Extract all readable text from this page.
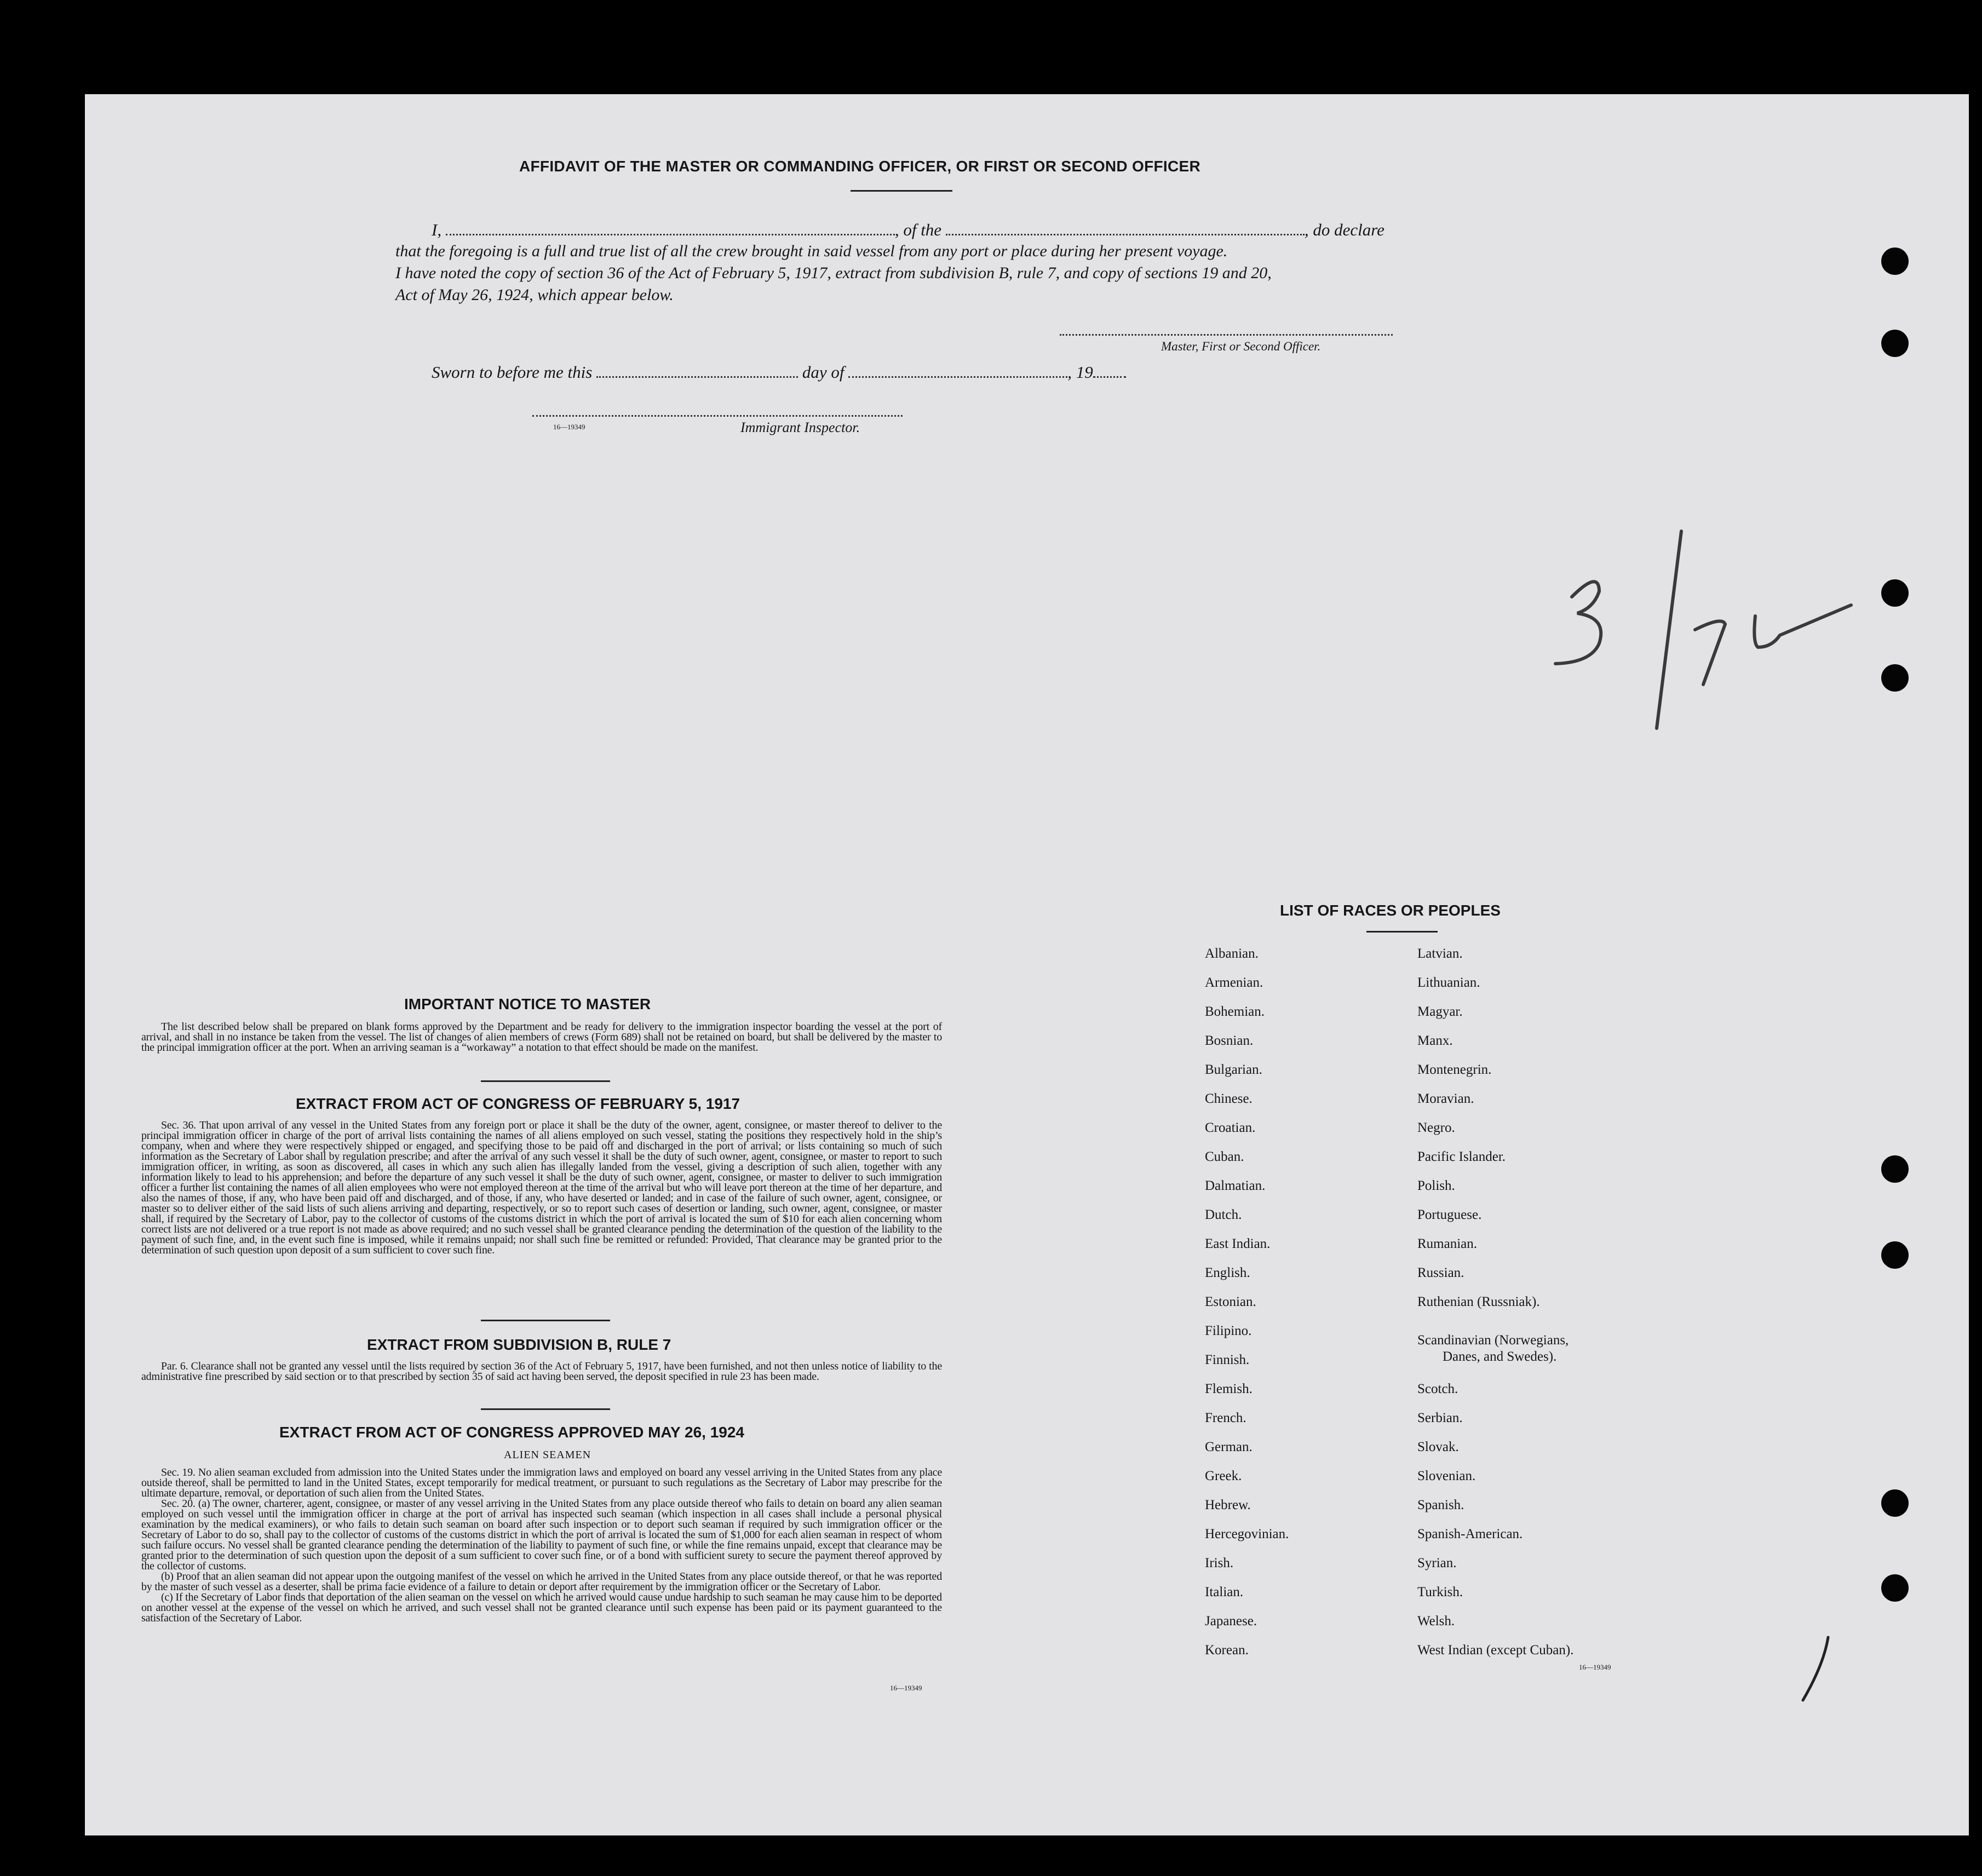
AFFIDAVIT OF THE MASTER OR COMMANDING OFFICER, OR FIRST OR SECOND OFFICER
I,	, of the	, do declare
that the foregoing is a full and true list of all the crew brought in said vessel from any port or place during her present voyage.
I have noted the copy of section 36 of the Act of February 5, 1917, extract from subdivision B, rule 7, and copy of sections 19 and 20,
Act of May 26, 1924, which appear below.
Master, First or Second Officer.
Sworn to before me this	day of	, 19
16—19349	Immigrant Inspector.
IMPORTANT NOTICE TO MASTER

The list described below shall be prepared on blank forms approved by the Department and be ready for delivery to the immigration inspector boarding the vessel at the port of arrival, and shall in no instance be taken from the vessel. The list of changes of alien members of crews (Form 689) shall not be retained on board, but shall be delivered by the master to the principal immigration officer at the port. When an arriving seaman is a “workaway” a notation to that effect should be made on the manifest.

EXTRACT FROM ACT OF CONGRESS OF FEBRUARY 5, 1917

Sec. 36. That upon arrival of any vessel in the United States from any foreign port or place it shall be the duty of the owner, agent, consignee, or master thereof to deliver to the principal immigration officer in charge of the port of arrival lists containing the names of all aliens employed on such vessel, stating the positions they respectively hold in the ship’s company, when and where they were respectively shipped or engaged, and specifying those to be paid off and discharged in the port of arrival; or lists containing so much of such information as the Secretary of Labor shall by regulation prescribe; and after the arrival of any such vessel it shall be the duty of such owner, agent, consignee, or master to report to such immigration officer, in writing, as soon as discovered, all cases in which any such alien has illegally landed from the vessel, giving a description of such alien, together with any information likely to lead to his apprehension; and before the departure of any such vessel it shall be the duty of such owner, agent, consignee, or master to deliver to such immigration officer a further list containing the names of all alien employees who were not employed thereon at the time of the arrival but who will leave port thereon at the time of her departure, and also the names of those, if any, who have been paid off and discharged, and of those, if any, who have deserted or landed; and in case of the failure of such owner, agent, consignee, or master so to deliver either of the said lists of such aliens arriving and departing, respectively, or so to report such cases of desertion or landing, such owner, agent, consignee, or master shall, if required by the Secretary of Labor, pay to the collector of customs of the customs district in which the port of arrival is located the sum of $10 for each alien concerning whom correct lists are not delivered or a true report is not made as above required; and no such vessel shall be granted clearance pending the determination of the question of the liability to the payment of such fine, and, in the event such fine is imposed, while it remains unpaid; nor shall such fine be remitted or refunded: Provided, That clearance may be granted prior to the determination of such question upon deposit of a sum sufficient to cover such fine.

EXTRACT FROM SUBDIVISION B, RULE 7

Par. 6. Clearance shall not be granted any vessel until the lists required by section 36 of the Act of February 5, 1917, have been furnished, and not then unless notice of liability to the administrative fine prescribed by said section or to that prescribed by section 35 of said act having been served, the deposit specified in rule 23 has been made.

EXTRACT FROM ACT OF CONGRESS APPROVED MAY 26, 1924
ALIEN SEAMEN

Sec. 19. No alien seaman excluded from admission into the United States under the immigration laws and employed on board any vessel arriving in the United States from any place outside thereof, shall be permitted to land in the United States, except temporarily for medical treatment, or pursuant to such regulations as the Secretary of Labor may prescribe for the ultimate departure, removal, or deportation of such alien from the United States.

Sec. 20. (a) The owner, charterer, agent, consignee, or master of any vessel arriving in the United States from any place outside thereof who fails to detain on board any alien seaman employed on such vessel until the immigration officer in charge at the port of arrival has inspected such seaman (which inspection in all cases shall include a personal physical examination by the medical examiners), or who fails to detain such seaman on board after such inspection or to deport such seaman if required by such immigration officer or the Secretary of Labor to do so, shall pay to the collector of customs of the customs district in which the port of arrival is located the sum of $1,000 for each alien seaman in respect of whom such failure occurs. No vessel shall be granted clearance pending the determination of the liability to payment of such fine, or while the fine remains unpaid, except that clearance may be granted prior to the determination of such question upon the deposit of a sum sufficient to cover such fine, or of a bond with sufficient surety to secure the payment thereof approved by the collector of customs.

(b) Proof that an alien seaman did not appear upon the outgoing manifest of the vessel on which he arrived in the United States from any place outside thereof, or that he was reported by the master of such vessel as a deserter, shall be prima facie evidence of a failure to detain or deport after requirement by the immigration officer or the Secretary of Labor.

(c) If the Secretary of Labor finds that deportation of the alien seaman on the vessel on which he arrived would cause undue hardship to such seaman he may cause him to be deported on another vessel at the expense of the vessel on which he arrived, and such vessel shall not be granted clearance until such expense has been paid or its payment guaranteed to the satisfaction of the Secretary of Labor.

16—19349
LIST OF RACES OR PEOPLES
Albanian.
Armenian.
Bohemian.
Bosnian.
Bulgarian.
Chinese.
Croatian.
Cuban.
Dalmatian.
Dutch.
East Indian.
English.
Estonian.
Filipino.
Finnish.
Flemish.
French.
German.
Greek.
Hebrew.
Hercegovinian.
Irish.
Italian.
Japanese.
Korean.
Latvian.
Lithuanian.
Magyar.
Manx.
Montenegrin.
Moravian.
Negro.
Pacific Islander.
Polish.
Portuguese.
Rumanian.
Russian.
Ruthenian (Russniak).
Scandinavian (Norwegians,
Danes, and Swedes).
Scotch.
Serbian.
Slovak.
Slovenian.
Spanish.
Spanish-American.
Syrian.
Turkish.
Welsh.
West Indian (except Cuban).
16—19349
